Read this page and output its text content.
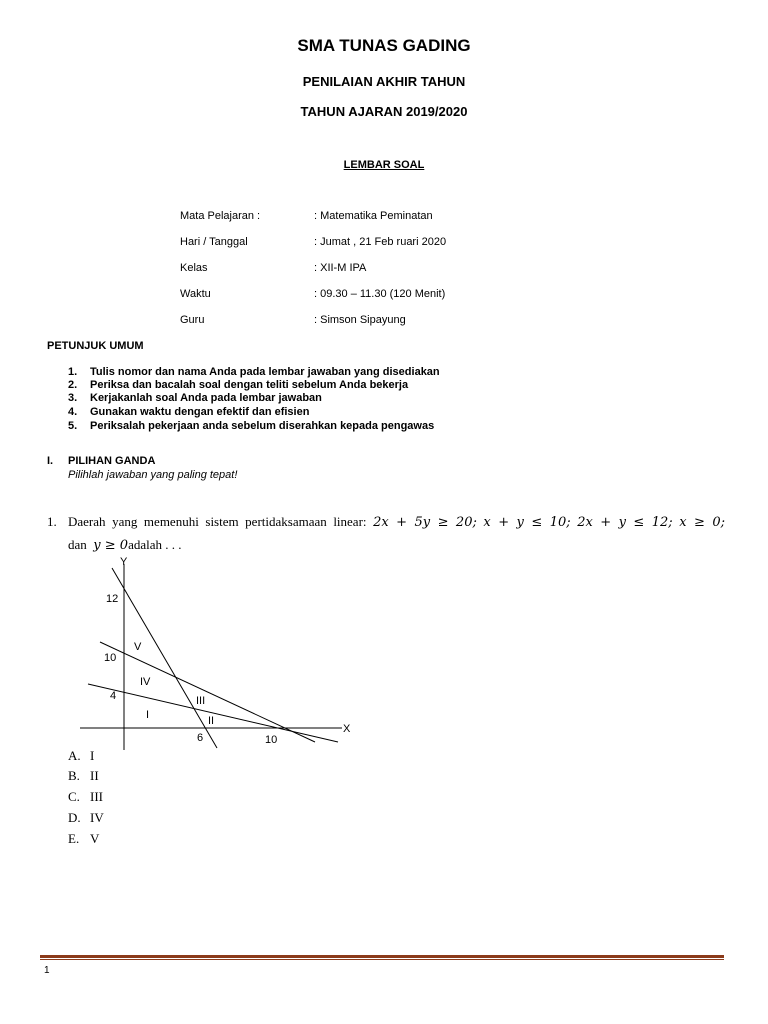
SMA TUNAS GADING
PENILAIAN AKHIR TAHUN
TAHUN AJARAN 2019/2020
LEMBAR SOAL
Mata Pelajaran :	: Matematika Peminatan
Hari / Tanggal	: Jumat , 21 Feb ruari 2020
Kelas	: XII-M IPA
Waktu	: 09.30 – 11.30 (120 Menit)
Guru	: Simson Sipayung
PETUNJUK UMUM
1. Tulis nomor dan nama Anda pada lembar jawaban yang disediakan
2. Periksa dan bacalah soal dengan teliti sebelum Anda bekerja
3. Kerjakanlah soal Anda pada lembar jawaban
4. Gunakan waktu dengan efektif dan efisien
5. Periksalah pekerjaan anda sebelum diserahkan kepada pengawas
I. PILIHAN GANDA
Pilihlah jawaban yang paling tepat!
1. Daerah yang memenuhi sistem pertidaksamaan linear: 2x + 5y ≥ 20; x + y ≤ 10; 2x + y ≤ 12; x ≥ 0;
dan y ≥ 0adalah . . .
Y
X
12
10
4
6	10
V
IV
III
I	II
A. I
B. II
C. III
D. IV
E. V
1
